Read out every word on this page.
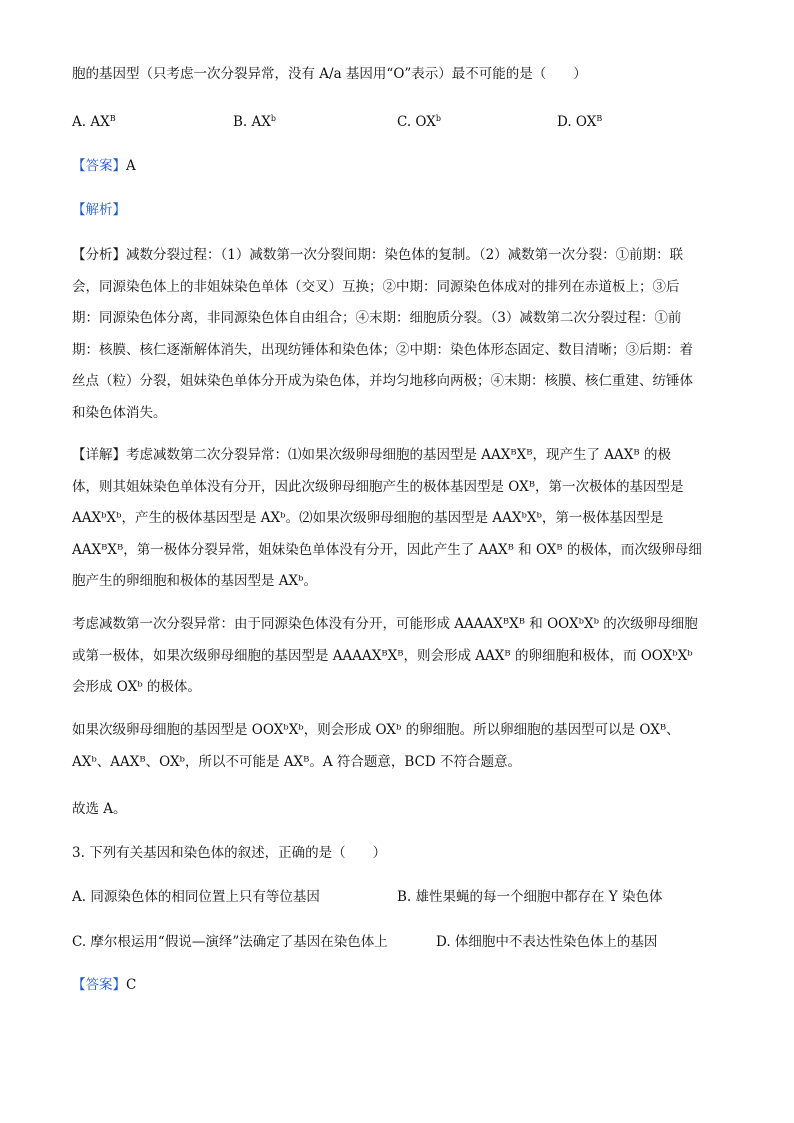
胞的基因型（只考虑一次分裂异常，没有 A/a 基因用“O”表示）最不可能的是（　　）
A. $AX^B$	B. $AX^b$	C. $OX^b$	D. $OX^B$
【答案】A
【解析】
【分析】减数分裂过程：（1）减数第一次分裂间期：染色体的复制。（2）减数第一次分裂：①前期：联
会，同源染色体上的非姐妹染色单体（交叉）互换；②中期：同源染色体成对的排列在赤道板上；③后
期：同源染色体分离，非同源染色体自由组合；④末期：细胞质分裂。（3）减数第二次分裂过程：①前
期：核膜、核仁逐渐解体消失，出现纺锤体和染色体；②中期：染色体形态固定、数目清晰；③后期：着
丝点（粒）分裂，姐妹染色单体分开成为染色体，并均匀地移向两极；④末期：核膜、核仁重建、纺锤体
和染色体消失。
【详解】考虑减数第二次分裂异常：⑴如果次级卵母细胞的基因型是 AAXᴮXᴮ，现产生了 AAXᴮ 的极
体，则其姐妹染色单体没有分开，因此次级卵母细胞产生的极体基因型是 OXᴮ，第一次极体的基因型是
AAXᵇXᵇ，产生的极体基因型是 AXᵇ。⑵如果次级卵母细胞的基因型是 AAXᵇXᵇ，第一极体基因型是
AAXᴮXᴮ，第一极体分裂异常，姐妹染色单体没有分开，因此产生了 AAXᴮ 和 OXᴮ 的极体，而次级卵母细
胞产生的卵细胞和极体的基因型是 AXᵇ。
考虑减数第一次分裂异常：由于同源染色体没有分开，可能形成 AAAAXᴮXᴮ 和 OOXᵇXᵇ 的次级卵母细胞
或第一极体，如果次级卵母细胞的基因型是 AAAAXᴮXᴮ，则会形成 AAXᴮ 的卵细胞和极体，而 OOXᵇXᵇ
会形成 OXᵇ 的极体。
如果次级卵母细胞的基因型是 OOXᵇXᵇ，则会形成 OXᵇ 的卵细胞。所以卵细胞的基因型可以是 OXᴮ、
AXᵇ、AAXᴮ、OXᵇ，所以不可能是 AXᴮ。A 符合题意，BCD 不符合题意。
故选 A。
3. 下列有关基因和染色体的叙述，正确的是（　　）
A. 同源染色体的相同位置上只有等位基因	B. 雄性果蝇的每一个细胞中都存在 Y 染色体
C. 摩尔根运用“假说—演绎”法确定了基因在染色体上	D. 体细胞中不表达性染色体上的基因
【答案】C
